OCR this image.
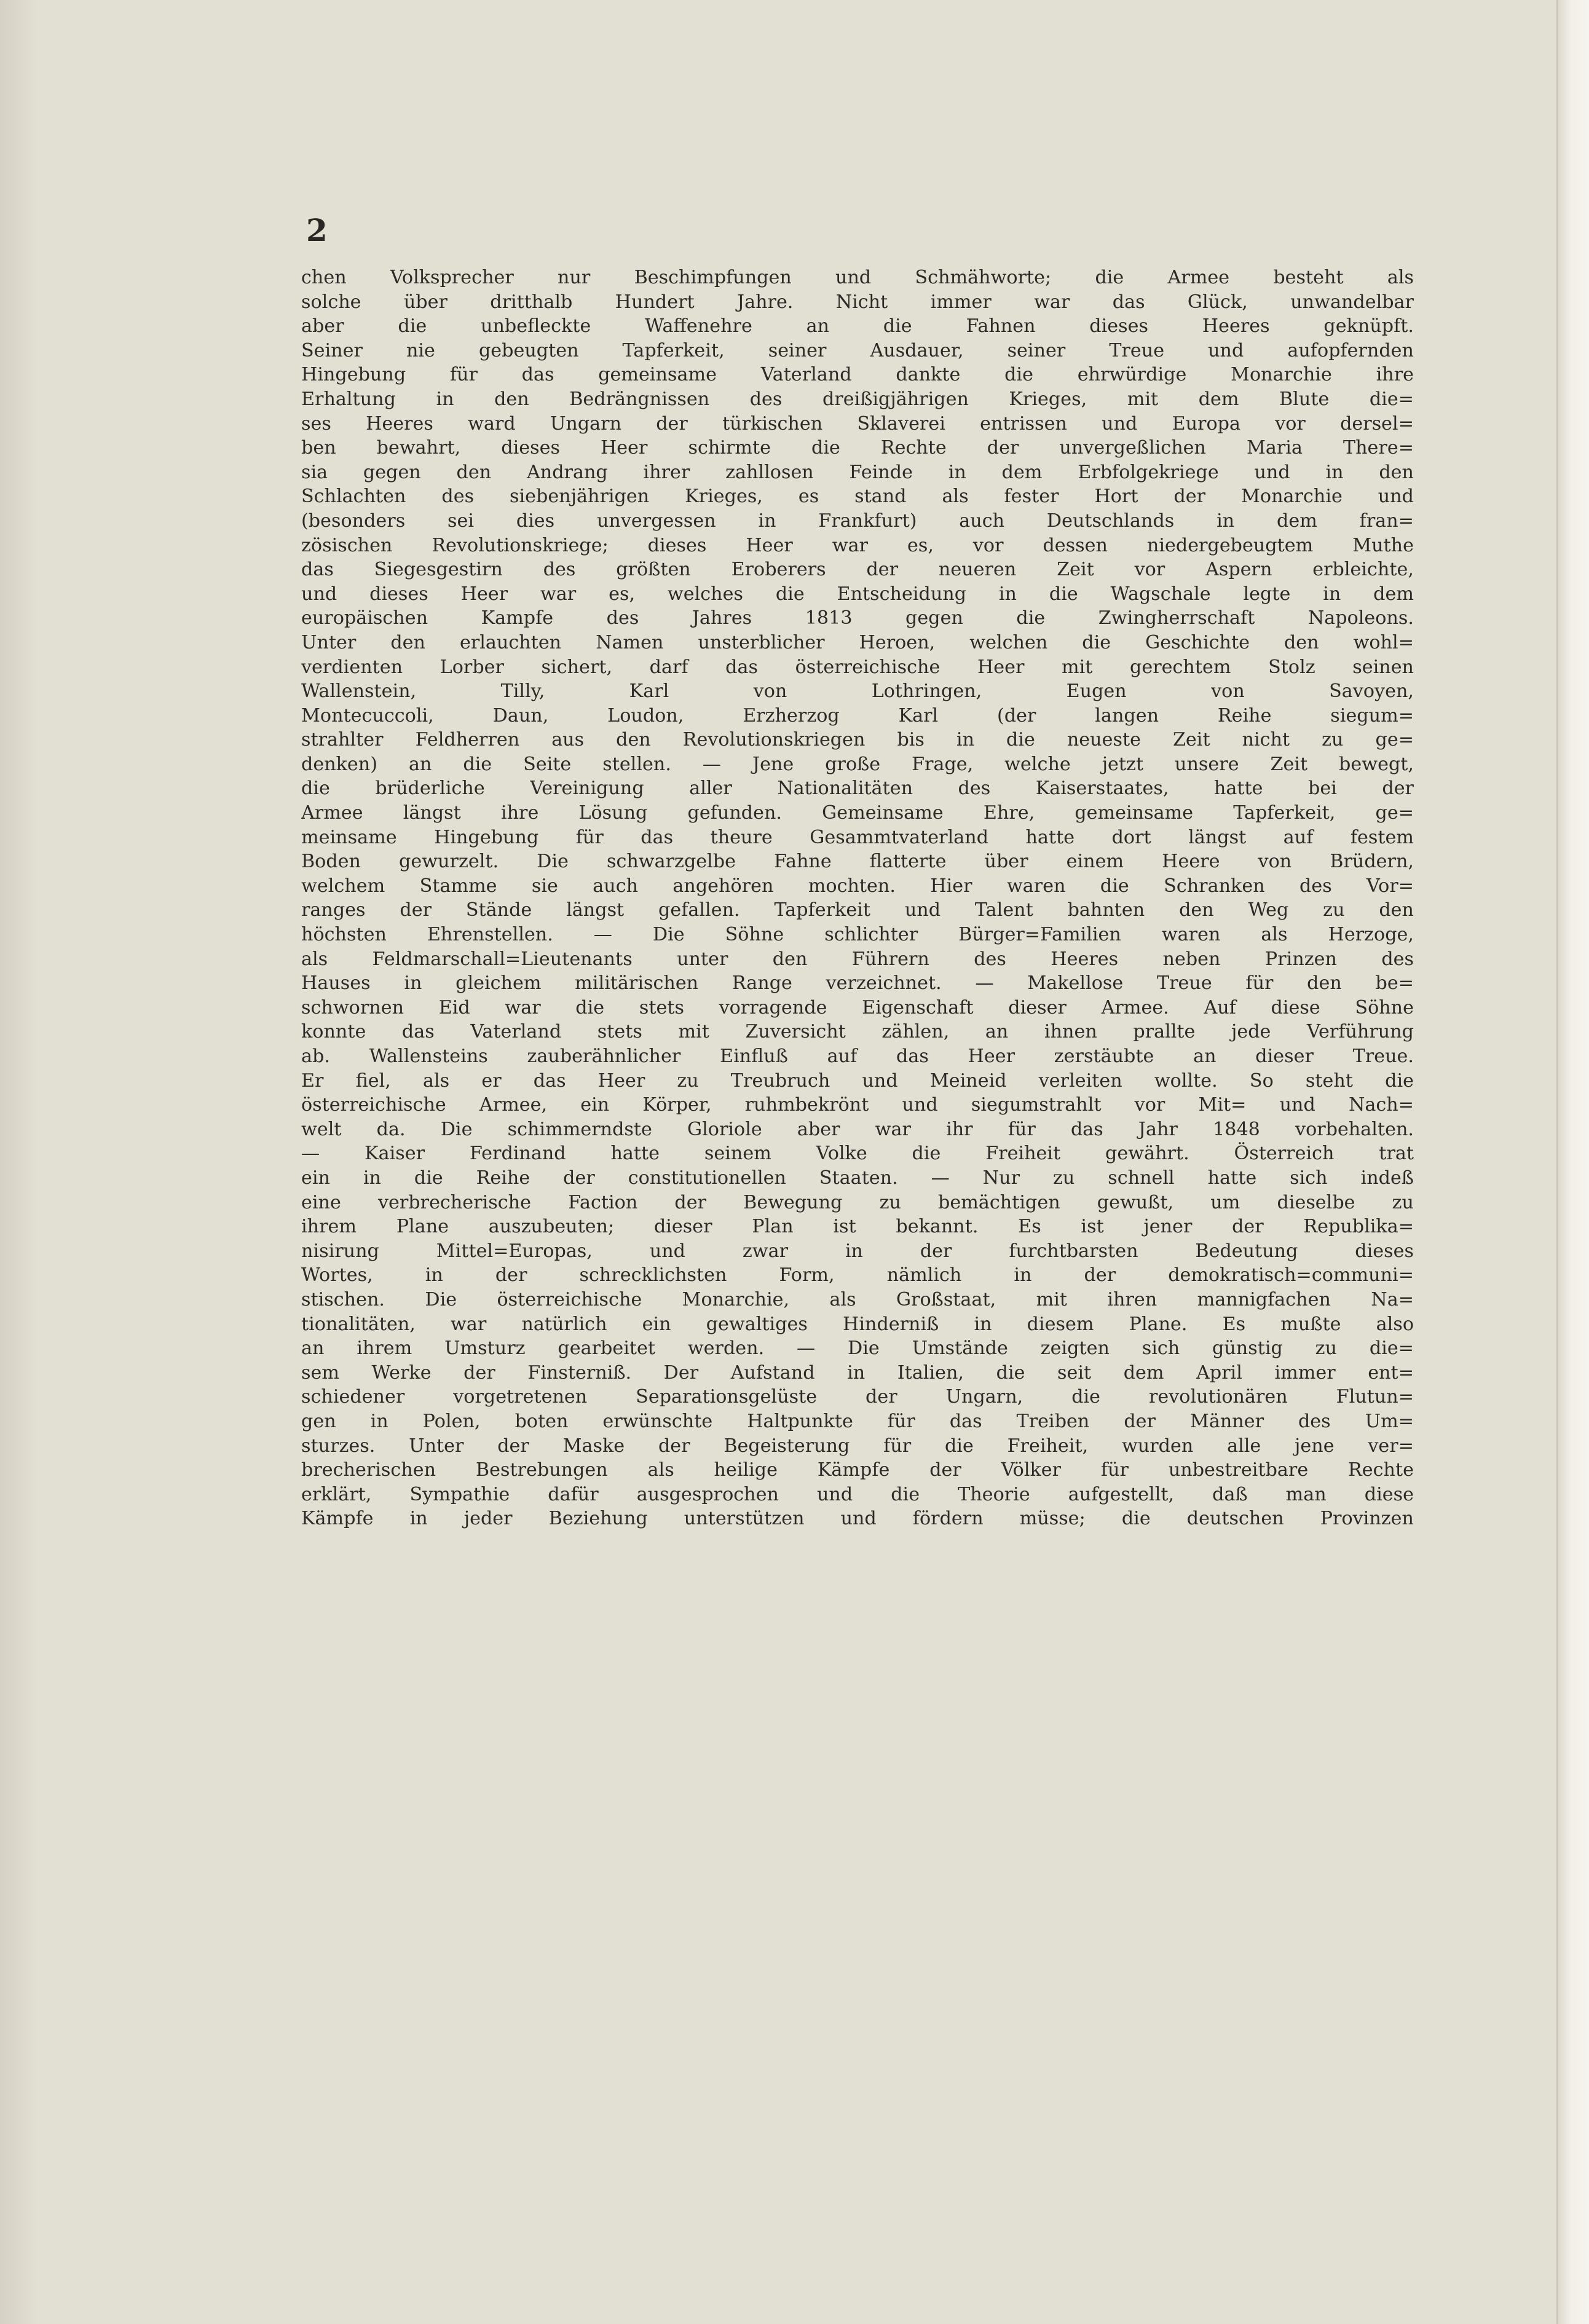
2
chen Volksprecher nur Beschimpfungen und Schmähworte; die Armee besteht als
solche über dritthalb Hundert Jahre. Nicht immer war das Glück, unwandelbar
aber die unbefleckte Waffenehre an die Fahnen dieses Heeres geknüpft.
Seiner nie gebeugten Tapferkeit, seiner Ausdauer, seiner Treue und aufopfernden
Hingebung für das gemeinsame Vaterland dankte die ehrwürdige Monarchie ihre
Erhaltung in den Bedrängnissen des dreißigjährigen Krieges, mit dem Blute die=
ses Heeres ward Ungarn der türkischen Sklaverei entrissen und Europa vor dersel=
ben bewahrt, dieses Heer schirmte die Rechte der unvergeßlichen Maria There=
sia gegen den Andrang ihrer zahllosen Feinde in dem Erbfolgekriege und in den
Schlachten des siebenjährigen Krieges, es stand als fester Hort der Monarchie und
(besonders sei dies unvergessen in Frankfurt) auch Deutschlands in dem fran=
zösischen Revolutionskriege; dieses Heer war es, vor dessen niedergebeugtem Muthe
das Siegesgestirn des größten Eroberers der neueren Zeit vor Aspern erbleichte,
und dieses Heer war es, welches die Entscheidung in die Wagschale legte in dem
europäischen Kampfe des Jahres 1813 gegen die Zwingherrschaft Napoleons.
Unter den erlauchten Namen unsterblicher Heroen, welchen die Geschichte den wohl=
verdienten Lorber sichert, darf das österreichische Heer mit gerechtem Stolz seinen
Wallenstein, Tilly, Karl von Lothringen, Eugen von Savoyen,
Montecuccoli, Daun, Loudon, Erzherzog Karl (der langen Reihe siegum=
strahlter Feldherren aus den Revolutionskriegen bis in die neueste Zeit nicht zu ge=
denken) an die Seite stellen. — Jene große Frage, welche jetzt unsere Zeit bewegt,
die brüderliche Vereinigung aller Nationalitäten des Kaiserstaates, hatte bei der
Armee längst ihre Lösung gefunden. Gemeinsame Ehre, gemeinsame Tapferkeit, ge=
meinsame Hingebung für das theure Gesammtvaterland hatte dort längst auf festem
Boden gewurzelt. Die schwarzgelbe Fahne flatterte über einem Heere von Brüdern,
welchem Stamme sie auch angehören mochten. Hier waren die Schranken des Vor=
ranges der Stände längst gefallen. Tapferkeit und Talent bahnten den Weg zu den
höchsten Ehrenstellen. — Die Söhne schlichter Bürger=Familien waren als Herzoge,
als Feldmarschall=Lieutenants unter den Führern des Heeres neben Prinzen des
Hauses in gleichem militärischen Range verzeichnet. — Makellose Treue für den be=
schwornen Eid war die stets vorragende Eigenschaft dieser Armee. Auf diese Söhne
konnte das Vaterland stets mit Zuversicht zählen, an ihnen prallte jede Verführung
ab. Wallensteins zauberähnlicher Einfluß auf das Heer zerstäubte an dieser Treue.
Er fiel, als er das Heer zu Treubruch und Meineid verleiten wollte. So steht die
österreichische Armee, ein Körper, ruhmbekrönt und siegumstrahlt vor Mit= und Nach=
welt da. Die schimmerndste Gloriole aber war ihr für das Jahr 1848 vorbehalten.
— Kaiser Ferdinand hatte seinem Volke die Freiheit gewährt. Österreich trat
ein in die Reihe der constitutionellen Staaten. — Nur zu schnell hatte sich indeß
eine verbrecherische Faction der Bewegung zu bemächtigen gewußt, um dieselbe zu
ihrem Plane auszubeuten; dieser Plan ist bekannt. Es ist jener der Republika=
nisirung Mittel=Europas, und zwar in der furchtbarsten Bedeutung dieses
Wortes, in der schrecklichsten Form, nämlich in der demokratisch=communi=
stischen. Die österreichische Monarchie, als Großstaat, mit ihren mannigfachen Na=
tionalitäten, war natürlich ein gewaltiges Hinderniß in diesem Plane. Es mußte also
an ihrem Umsturz gearbeitet werden. — Die Umstände zeigten sich günstig zu die=
sem Werke der Finsterniß. Der Aufstand in Italien, die seit dem April immer ent=
schiedener vorgetretenen Separationsgelüste der Ungarn, die revolutionären Flutun=
gen in Polen, boten erwünschte Haltpunkte für das Treiben der Männer des Um=
sturzes. Unter der Maske der Begeisterung für die Freiheit, wurden alle jene ver=
brecherischen Bestrebungen als heilige Kämpfe der Völker für unbestreitbare Rechte
erklärt, Sympathie dafür ausgesprochen und die Theorie aufgestellt, daß man diese
Kämpfe in jeder Beziehung unterstützen und fördern müsse; die deutschen Provinzen
